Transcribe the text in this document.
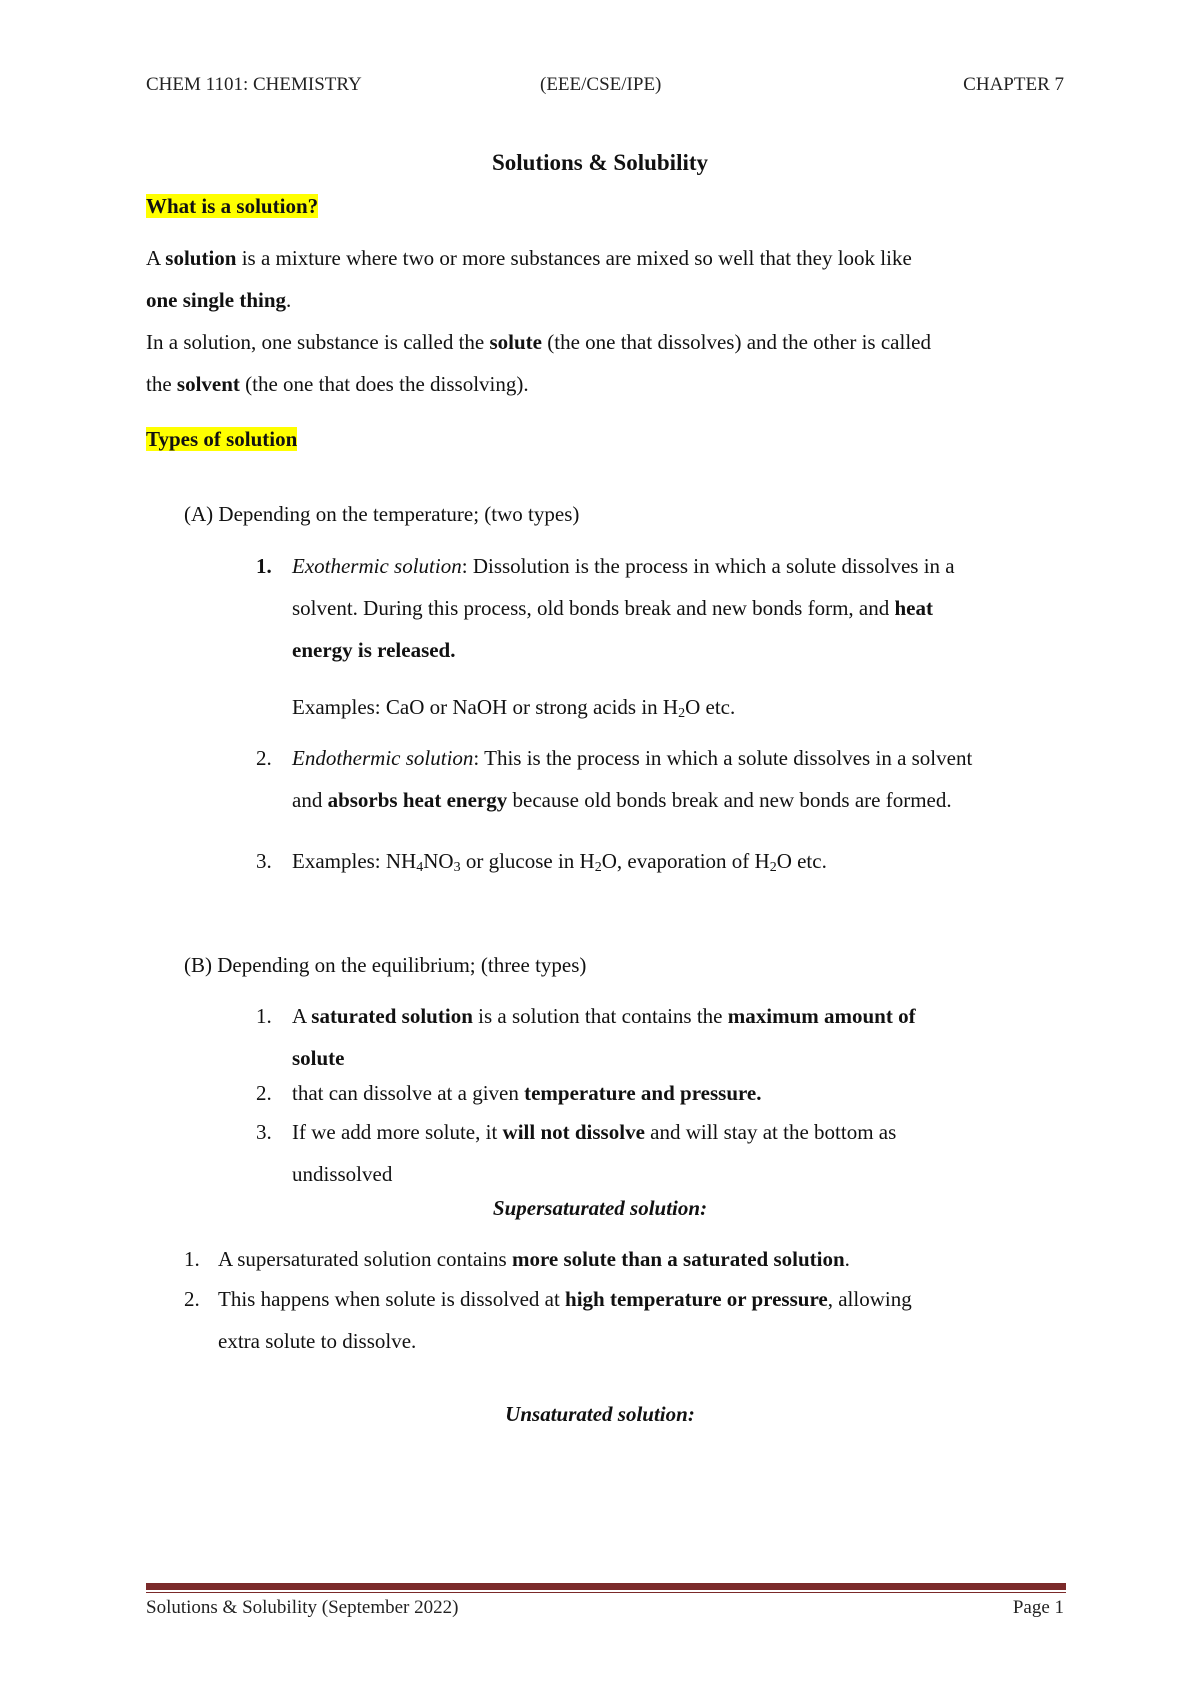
CHEM 1101: CHEMISTRY	(EEE/CSE/IPE)	CHAPTER 7
Solutions & Solubility
What is a solution?
A solution is a mixture where two or more substances are mixed so well that they look like
one single thing.
In a solution, one substance is called the solute (the one that dissolves) and the other is called
the solvent (the one that does the dissolving).
Types of solution
(A) Depending on the temperature; (two types)
1. Exothermic solution: Dissolution is the process in which a solute dissolves in a
solvent. During this process, old bonds break and new bonds form, and heat
energy is released.
Examples: CaO or NaOH or strong acids in $H_2O$ etc.
2. Endothermic solution: This is the process in which a solute dissolves in a solvent
and absorbs heat energy because old bonds break and new bonds are formed.
3. Examples: $NH_4NO_3$ or glucose in $H_2O$, evaporation of $H_2O$ etc.
(B) Depending on the equilibrium; (three types)
1. A saturated solution is a solution that contains the maximum amount of
solute
2. that can dissolve at a given temperature and pressure.
3. If we add more solute, it will not dissolve and will stay at the bottom as
undissolved
Supersaturated solution:
1. A supersaturated solution contains more solute than a saturated solution.
2. This happens when solute is dissolved at high temperature or pressure, allowing
extra solute to dissolve.
Unsaturated solution:
Solutions & Solubility (September 2022)	Page 1
